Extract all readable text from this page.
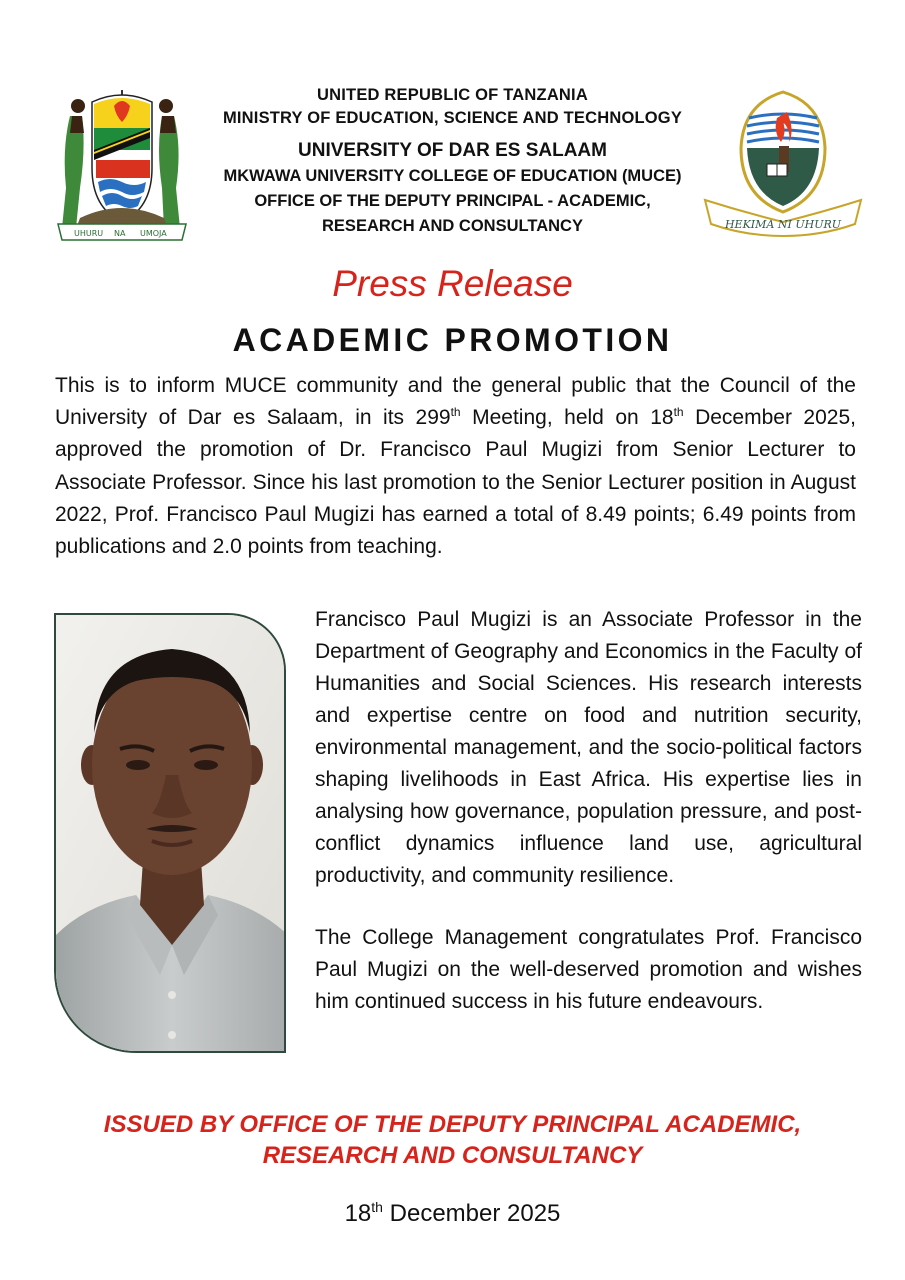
UHURU NA UMOJA
UNITED REPUBLIC OF TANZANIA
MINISTRY OF EDUCATION, SCIENCE AND TECHNOLOGY
UNIVERSITY OF DAR ES SALAAM
MKWAWA UNIVERSITY COLLEGE OF EDUCATION (MUCE)
OFFICE OF THE DEPUTY PRINCIPAL - ACADEMIC,
RESEARCH AND CONSULTANCY	HEKIMA NI UHURU
Press Release
ACADEMIC PROMOTION
This is to inform MUCE community and the general public that the Council of the University of Dar es Salaam, in its 299th Meeting, held on 18th December 2025, approved the promotion of Dr. Francisco Paul Mugizi from Senior Lecturer to Associate Professor. Since his last promotion to the Senior Lecturer position in August 2022, Prof. Francisco Paul Mugizi has earned a total of 8.49 points; 6.49 points from publications and 2.0 points from teaching.

Francisco Paul Mugizi is an Associate Professor in the Department of Geography and Economics in the Faculty of Humanities and Social Sciences. His research interests and expertise centre on food and nutrition security, environmental management, and the socio-political factors shaping livelihoods in East Africa. His expertise lies in analysing how governance, population pressure, and post-conflict dynamics influence land use, agricultural productivity, and community resilience.

The College Management congratulates Prof. Francisco Paul Mugizi on the well-deserved promotion and wishes him continued success in his future endeavours.

ISSUED BY OFFICE OF THE DEPUTY PRINCIPAL ACADEMIC,
RESEARCH AND CONSULTANCY
18th December 2025
